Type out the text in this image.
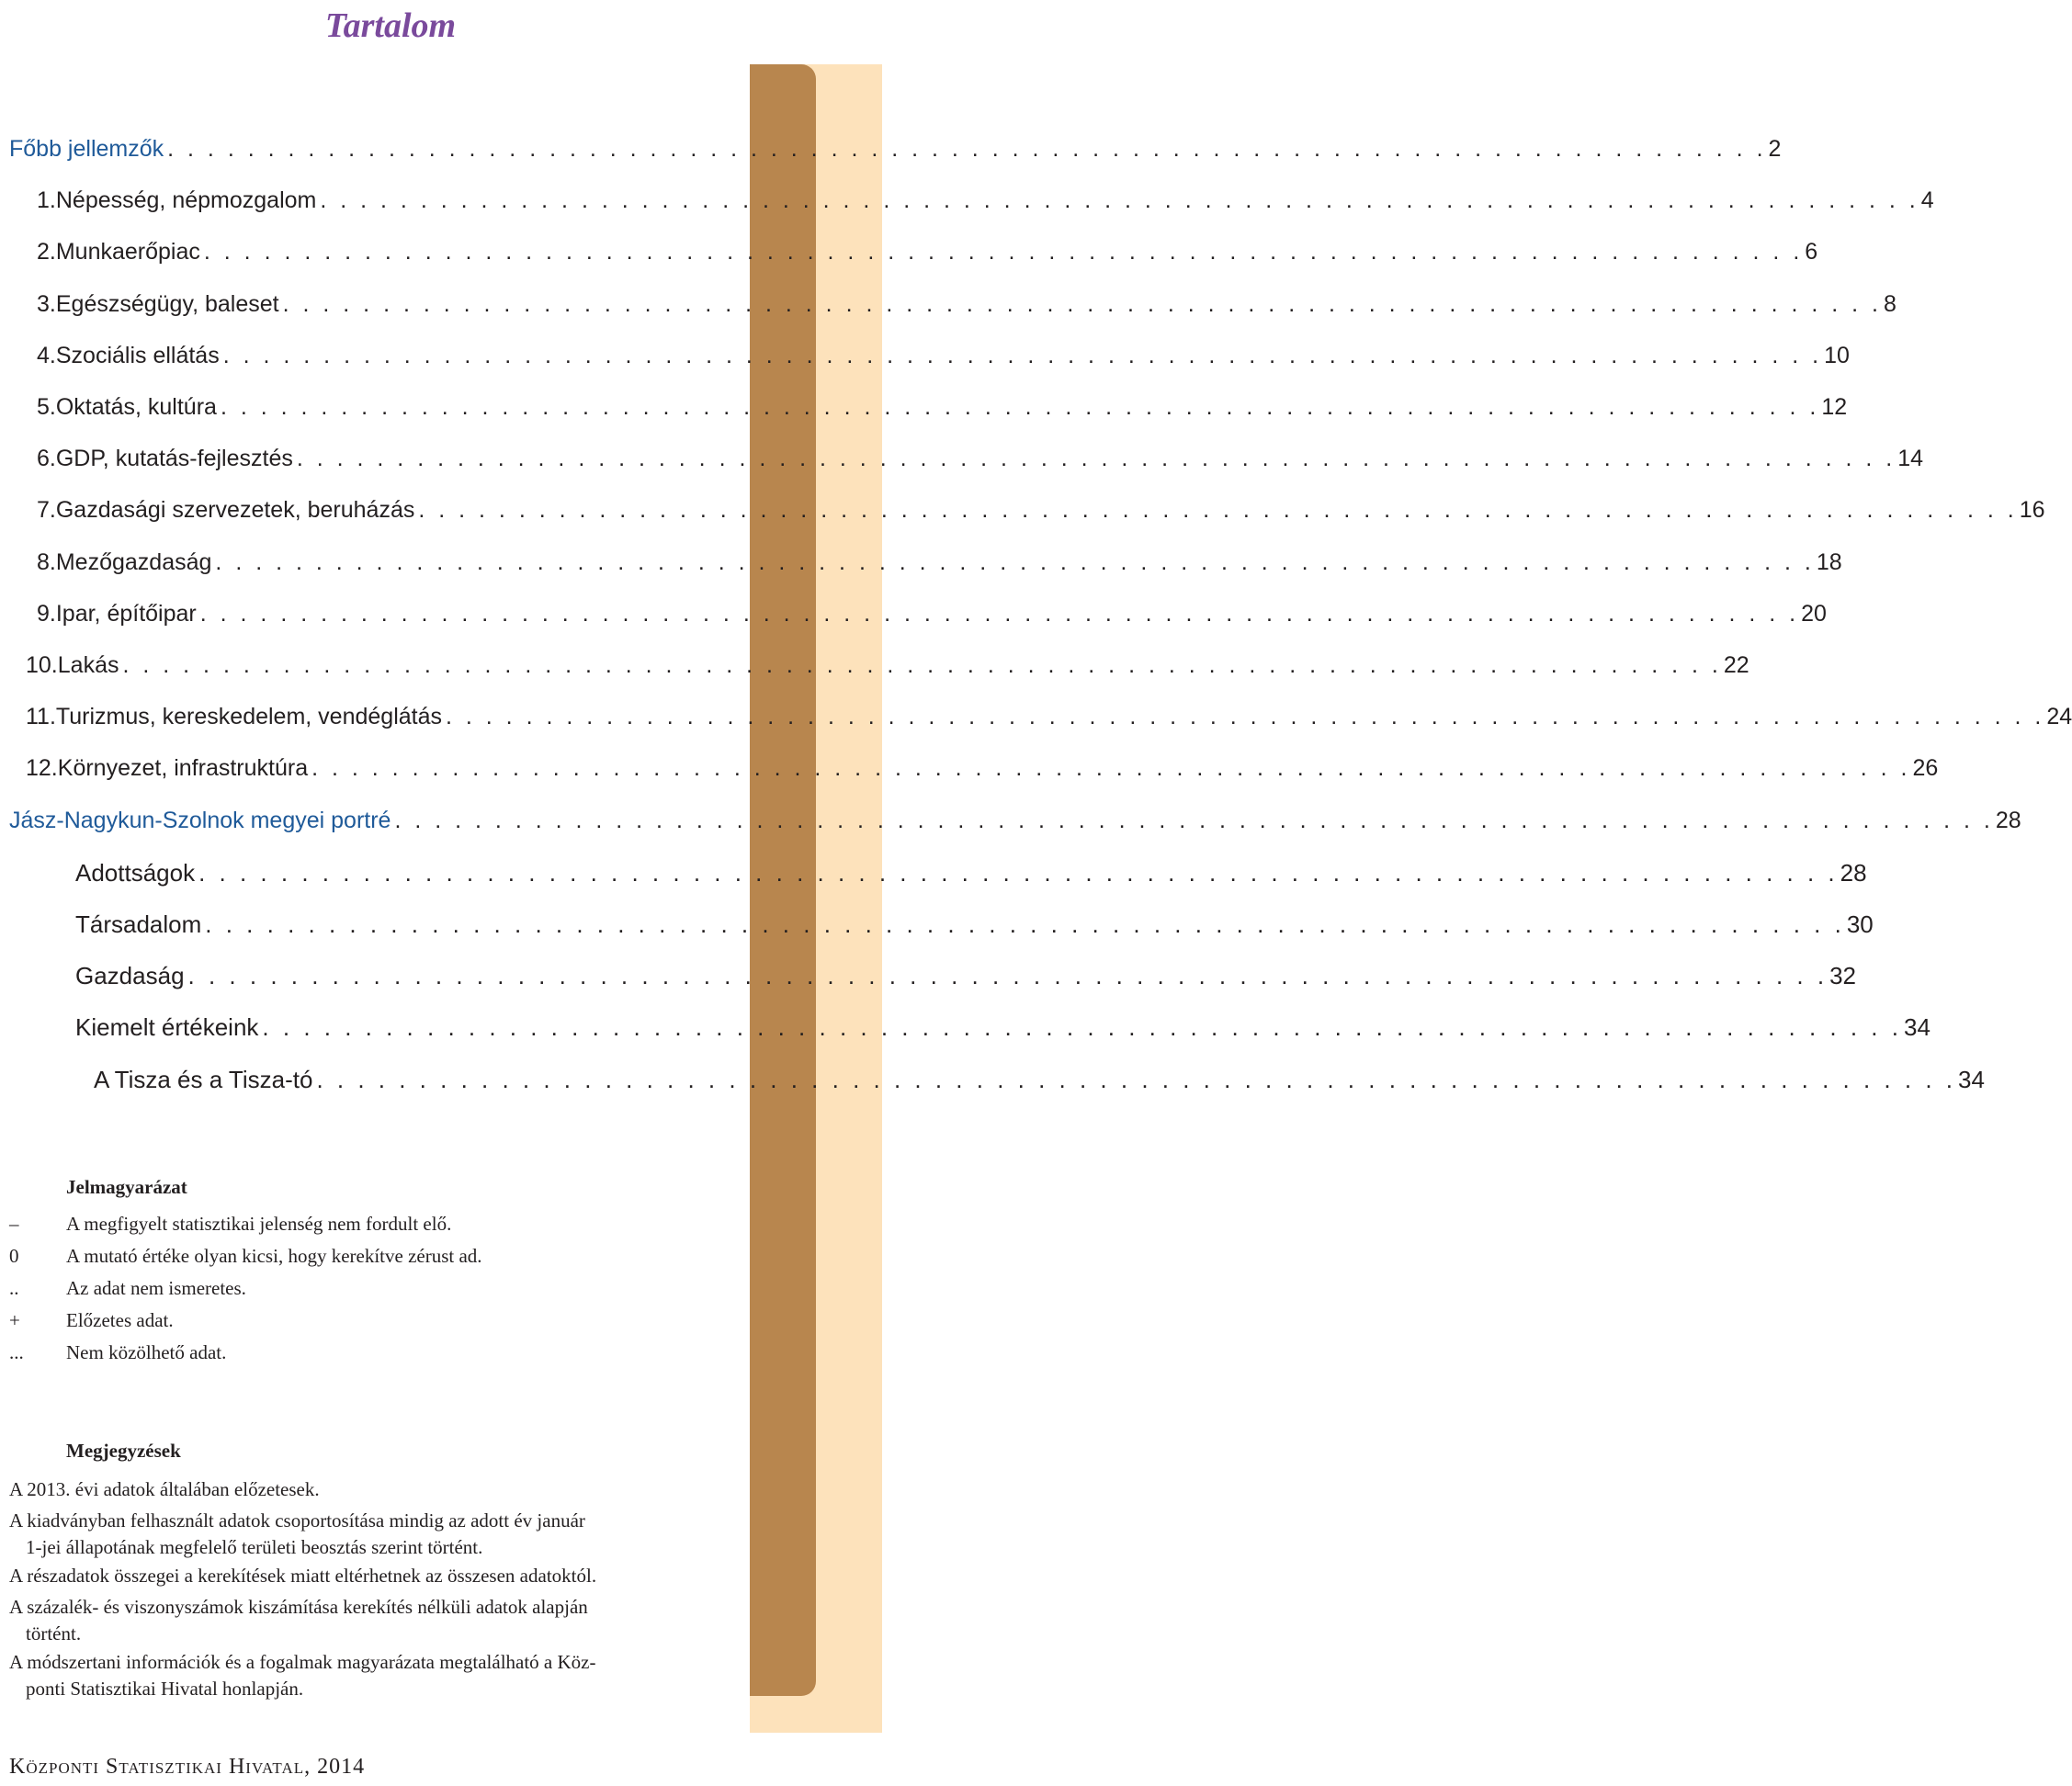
Tartalom
Főbb jellemzők . . . . . . . . . . . . . . . . . . . . . . . . . . . . . . . . . . . . . . . . . . . . . . . . . . . . . . . . . . . . . . . . . . . . . . . . . . . . . . . . 2
1. Népesség, népmozgalom . . . . . . . . . . . . . . . . . . . . . . . . . . . . . . . . . . . . . . . . . . . . . . . . . . . . . . . . . . . . . . . . . . . . . . . . . . . . . . . . 4
2. Munkaerőpiac . . . . . . . . . . . . . . . . . . . . . . . . . . . . . . . . . . . . . . . . . . . . . . . . . . . . . . . . . . . . . . . . . . . . . . . . . . . . . . . . 6
3. Egészségügy, baleset . . . . . . . . . . . . . . . . . . . . . . . . . . . . . . . . . . . . . . . . . . . . . . . . . . . . . . . . . . . . . . . . . . . . . . . . . . . . . . . . 8
4. Szociális ellátás . . . . . . . . . . . . . . . . . . . . . . . . . . . . . . . . . . . . . . . . . . . . . . . . . . . . . . . . . . . . . . . . . . . . . . . . . . . . . . . . 10
5. Oktatás, kultúra . . . . . . . . . . . . . . . . . . . . . . . . . . . . . . . . . . . . . . . . . . . . . . . . . . . . . . . . . . . . . . . . . . . . . . . . . . . . . . . . 12
6. GDP, kutatás-fejlesztés . . . . . . . . . . . . . . . . . . . . . . . . . . . . . . . . . . . . . . . . . . . . . . . . . . . . . . . . . . . . . . . . . . . . . . . . . . . . . . . . 14
7. Gazdasági szervezetek, beruházás . . . . . . . . . . . . . . . . . . . . . . . . . . . . . . . . . . . . . . . . . . . . . . . . . . . . . . . . . . . . . . . . . . . . . . . . . . . . . . . . 16
8. Mezőgazdaság . . . . . . . . . . . . . . . . . . . . . . . . . . . . . . . . . . . . . . . . . . . . . . . . . . . . . . . . . . . . . . . . . . . . . . . . . . . . . . . . 18
9. Ipar, építőipar . . . . . . . . . . . . . . . . . . . . . . . . . . . . . . . . . . . . . . . . . . . . . . . . . . . . . . . . . . . . . . . . . . . . . . . . . . . . . . . . 20
10. Lakás . . . . . . . . . . . . . . . . . . . . . . . . . . . . . . . . . . . . . . . . . . . . . . . . . . . . . . . . . . . . . . . . . . . . . . . . . . . . . . . . 22
11. Turizmus, kereskedelem, vendéglátás . . . . . . . . . . . . . . . . . . . . . . . . . . . . . . . . . . . . . . . . . . . . . . . . . . . . . . . . . . . . . . . . . . . . . . . . . . . . . . . . 24
12. Környezet, infrastruktúra . . . . . . . . . . . . . . . . . . . . . . . . . . . . . . . . . . . . . . . . . . . . . . . . . . . . . . . . . . . . . . . . . . . . . . . . . . . . . . . . 26
Jász-Nagykun-Szolnok megyei portré . . . . . . . . . . . . . . . . . . . . . . . . . . . . . . . . . . . . . . . . . . . . . . . . . . . . . . . . . . . . . . . . . . . . . . . . . . . . . . . . 28
Adottságok . . . . . . . . . . . . . . . . . . . . . . . . . . . . . . . . . . . . . . . . . . . . . . . . . . . . . . . . . . . . . . . . . . . . . . . . . . . . . . . . 28
Társadalom . . . . . . . . . . . . . . . . . . . . . . . . . . . . . . . . . . . . . . . . . . . . . . . . . . . . . . . . . . . . . . . . . . . . . . . . . . . . . . . . 30
Gazdaság . . . . . . . . . . . . . . . . . . . . . . . . . . . . . . . . . . . . . . . . . . . . . . . . . . . . . . . . . . . . . . . . . . . . . . . . . . . . . . . . 32
Kiemelt értékeink . . . . . . . . . . . . . . . . . . . . . . . . . . . . . . . . . . . . . . . . . . . . . . . . . . . . . . . . . . . . . . . . . . . . . . . . . . . . . . . . 34
A Tisza és a Tisza-tó . . . . . . . . . . . . . . . . . . . . . . . . . . . . . . . . . . . . . . . . . . . . . . . . . . . . . . . . . . . . . . . . . . . . . . . . . . . . . . . . 34

Jelmagyarázat

–	A megfigyelt statisztikai jelenség nem fordult elő.
0	A mutató értéke olyan kicsi, hogy kerekítve zérust ad.
..	Az adat nem ismeretes.
+	Előzetes adat.
...	Nem közölhető adat.

Megjegyzések

A 2013. évi adatok általában előzetesek.
A kiadványban felhasznált adatok csoportosítása mindig az adott év január
1-jei állapotának megfelelő területi beosztás szerint történt.
A részadatok összegei a kerekítések miatt eltérhetnek az összesen adatoktól.
A százalék- és viszonyszámok kiszámítása kerekítés nélküli adatok alapján
történt.
A módszertani információk és a fogalmak magyarázata megtalálható a Köz-
ponti Statisztikai Hivatal honlapján.
Központi Statisztikai Hivatal, 2014
